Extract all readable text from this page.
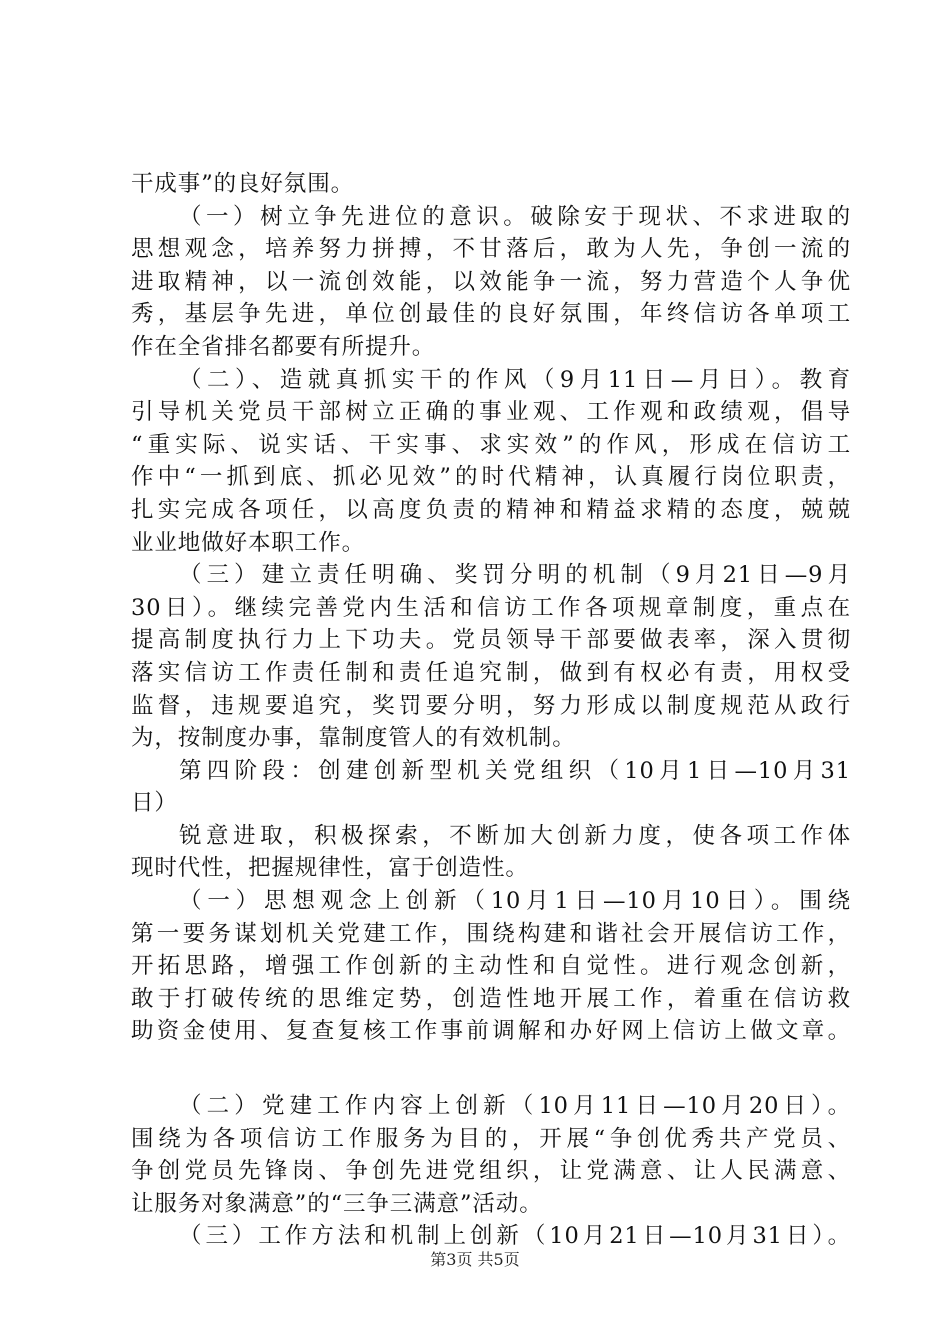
干成事”的良好氛围。
（一）树立争先进位的意识。破除安于现状、不求进取的
思想观念，培养努力拼搏，不甘落后，敢为人先，争创一流的
进取精神，以一流创效能，以效能争一流，努力营造个人争优
秀，基层争先进，单位创最佳的良好氛围，年终信访各单项工
作在全省排名都要有所提升。
（二）、造就真抓实干的作风（9月11日—月日）。教育
引导机关党员干部树立正确的事业观、工作观和政绩观，倡导
“重实际、说实话、干实事、求实效”的作风，形成在信访工
作中“一抓到底、抓必见效”的时代精神，认真履行岗位职责，
扎实完成各项任，以高度负责的精神和精益求精的态度，兢兢
业业地做好本职工作。
（三）建立责任明确、奖罚分明的机制（9月21日—9月
30日）。继续完善党内生活和信访工作各项规章制度，重点在
提高制度执行力上下功夫。党员领导干部要做表率，深入贯彻
落实信访工作责任制和责任追究制，做到有权必有责，用权受
监督，违规要追究，奖罚要分明，努力形成以制度规范从政行
为，按制度办事，靠制度管人的有效机制。
第四阶段：创建创新型机关党组织（10月1日—10月31
日）
锐意进取，积极探索，不断加大创新力度，使各项工作体
现时代性，把握规律性，富于创造性。
（一）思想观念上创新（10月1日—10月10日）。围绕
第一要务谋划机关党建工作，围绕构建和谐社会开展信访工作，
开拓思路，增强工作创新的主动性和自觉性。进行观念创新，
敢于打破传统的思维定势，创造性地开展工作，着重在信访救
助资金使用、复查复核工作事前调解和办好网上信访上做文章。
（二）党建工作内容上创新（10月11日—10月20日）。
围绕为各项信访工作服务为目的，开展“争创优秀共产党员、
争创党员先锋岗、争创先进党组织，让党满意、让人民满意、
让服务对象满意”的“三争三满意”活动。
（三）工作方法和机制上创新（10月21日—10月31日）。
第3页 共5页
